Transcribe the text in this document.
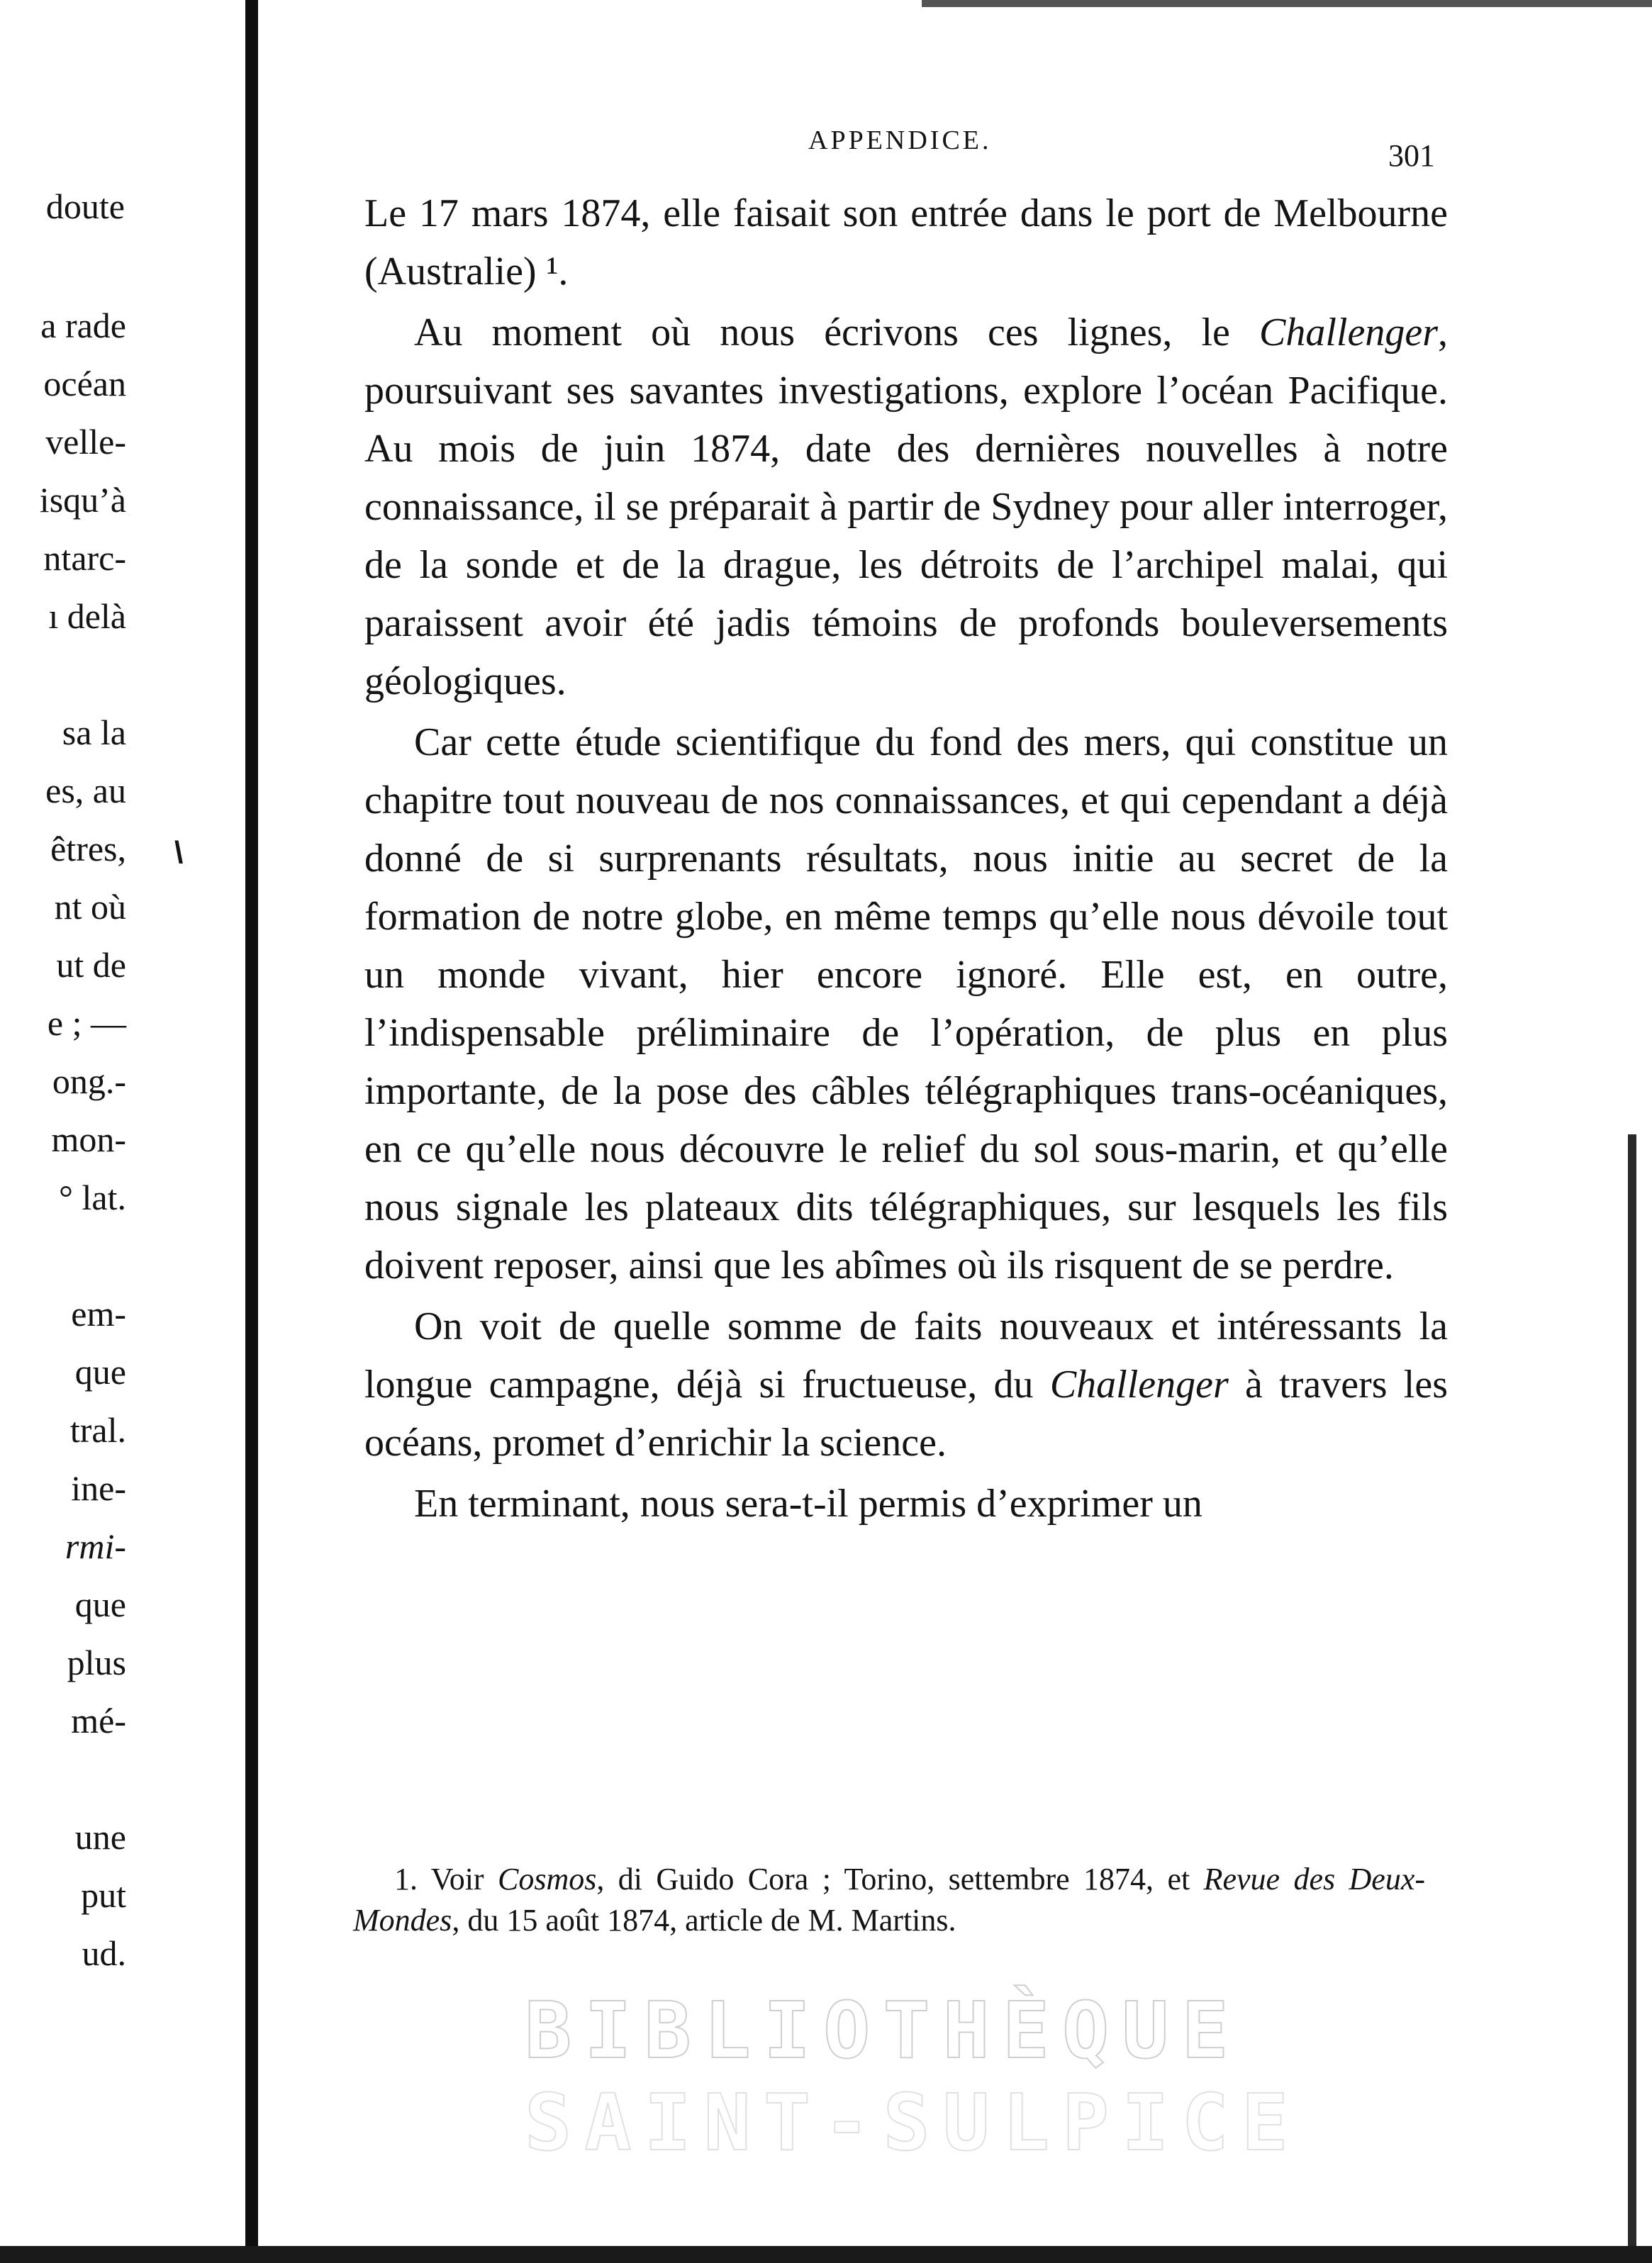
doute
a rade
océan
velle-
isqu’à
ntarc-
ı delà
sa la
es, au
êtres,
nt où
ut de
e ; —
ong.-
mon-
° lat.
em-
que
tral.
ine-
rmi-
que
plus
mé-
une
put
ud.
\
APPENDICE.	301

Le 17 mars 1874, elle faisait son entrée dans le port de Melbourne (Australie) ¹.

Au moment où nous écrivons ces lignes, le Challenger, poursuivant ses savantes investigations, explore l’océan Pacifique. Au mois de juin 1874, date des dernières nouvelles à notre connaissance, il se préparait à partir de Sydney pour aller interroger, de la sonde et de la drague, les détroits de l’archipel malai, qui paraissent avoir été jadis témoins de profonds bouleversements géologiques.

Car cette étude scientifique du fond des mers, qui constitue un chapitre tout nouveau de nos connaissances, et qui cependant a déjà donné de si surprenants résultats, nous initie au secret de la formation de notre globe, en même temps qu’elle nous dévoile tout un monde vivant, hier encore ignoré. Elle est, en outre, l’indispensable préliminaire de l’opération, de plus en plus importante, de la pose des câbles télégraphiques trans-océaniques, en ce qu’elle nous découvre le relief du sol sous-marin, et qu’elle nous signale les plateaux dits télégraphiques, sur lesquels les fils doivent reposer, ainsi que les abîmes où ils risquent de se perdre.

On voit de quelle somme de faits nouveaux et intéressants la longue campagne, déjà si fructueuse, du Challenger à travers les océans, promet d’enrichir la science.

En terminant, nous sera-t-il permis d’exprimer un

1. Voir Cosmos, di Guido Cora ; Torino, settembre 1874, et Revue des Deux-Mondes, du 15 août 1874, article de M. Martins.
BIBLIOTHÈQUE
SAINT-SULPICE
